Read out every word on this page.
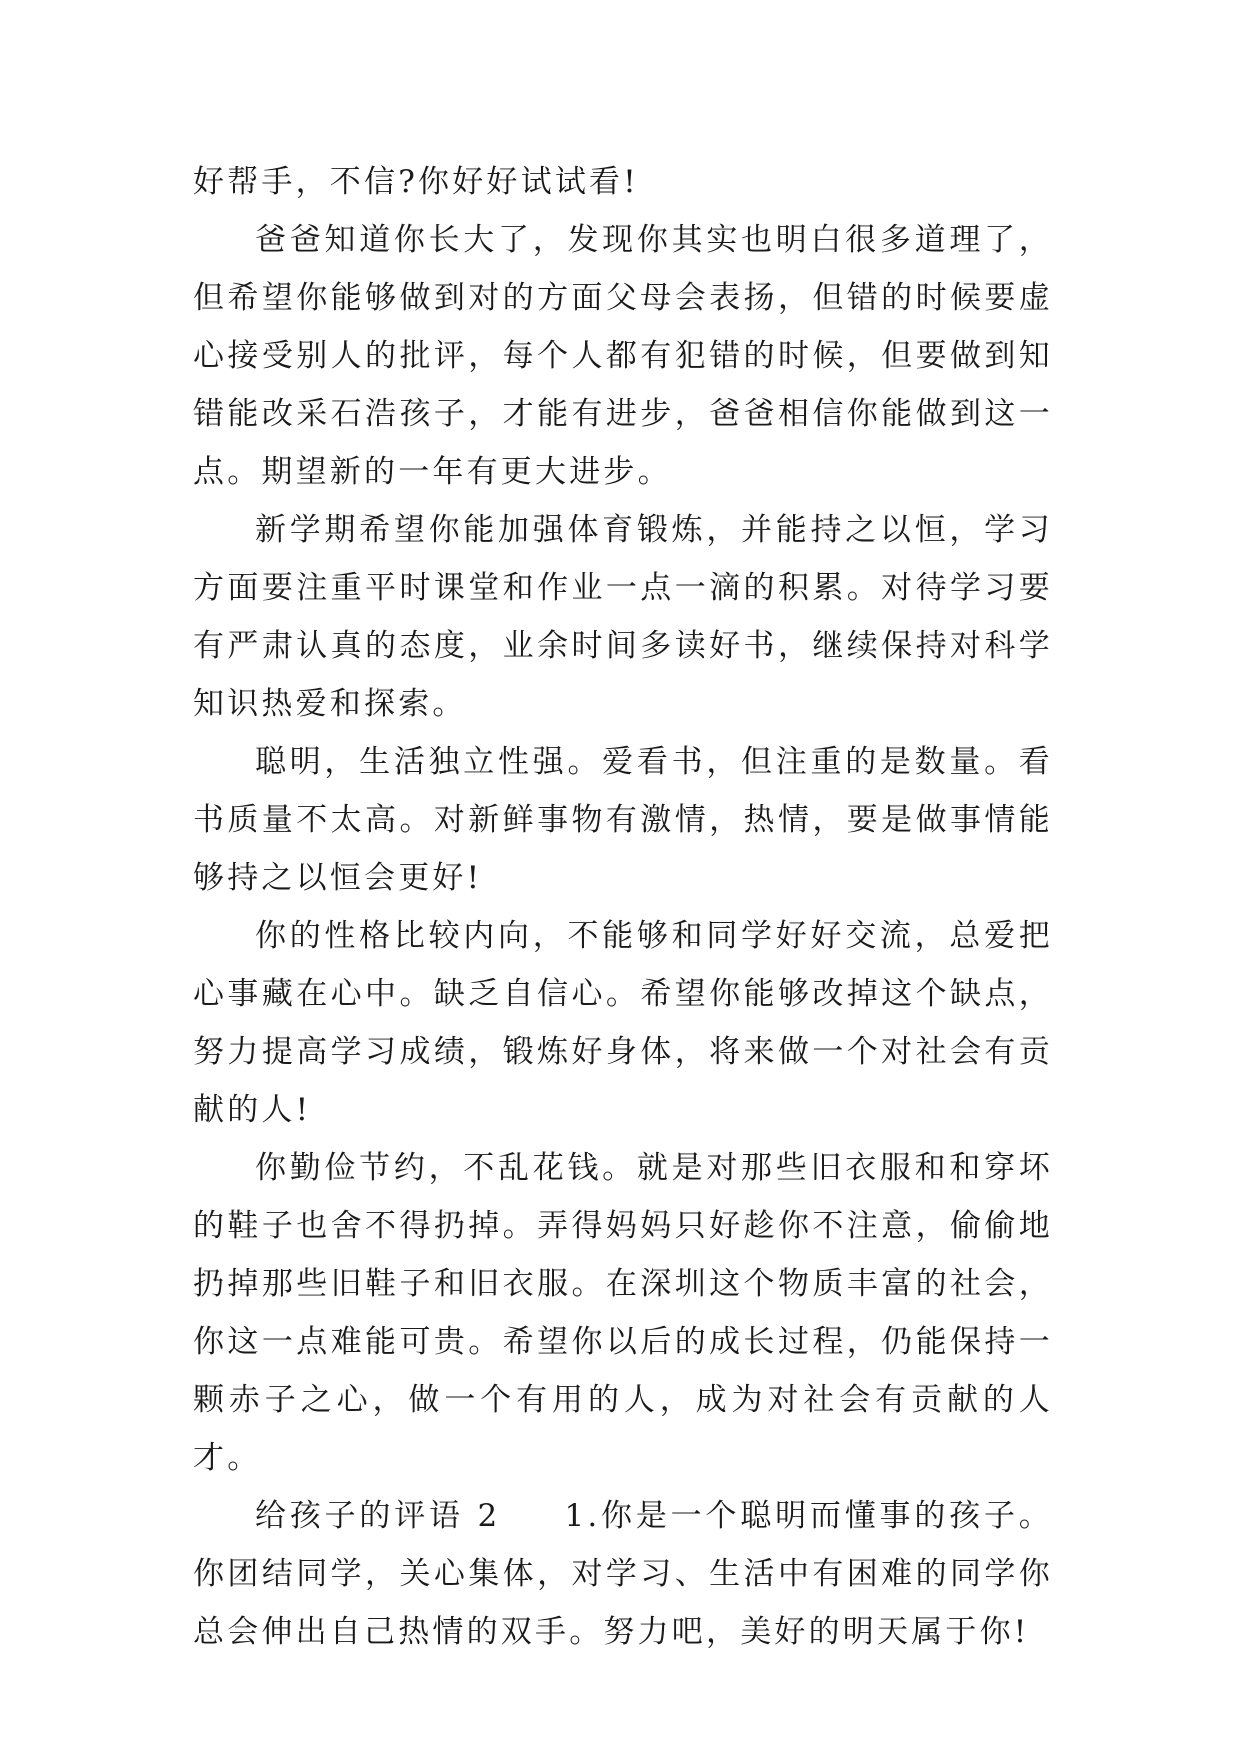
好帮手，不信?你好好试试看!

爸爸知道你长大了，发现你其实也明白很多道理了，但希望你能够做到对的方面父母会表扬，但错的时候要虚心接受别人的批评，每个人都有犯错的时候，但要做到知错能改采石浩孩子，才能有进步，爸爸相信你能做到这一点。期望新的一年有更大进步。

新学期希望你能加强体育锻炼，并能持之以恒，学习方面要注重平时课堂和作业一点一滴的积累。对待学习要有严肃认真的态度，业余时间多读好书，继续保持对科学知识热爱和探索。

聪明，生活独立性强。爱看书，但注重的是数量。看书质量不太高。对新鲜事物有激情，热情，要是做事情能够持之以恒会更好!

你的性格比较内向，不能够和同学好好交流，总爱把心事藏在心中。缺乏自信心。希望你能够改掉这个缺点，努力提高学习成绩，锻炼好身体，将来做一个对社会有贡献的人!

你勤俭节约，不乱花钱。就是对那些旧衣服和和穿坏的鞋子也舍不得扔掉。弄得妈妈只好趁你不注意，偷偷地扔掉那些旧鞋子和旧衣服。在深圳这个物质丰富的社会，你这一点难能可贵。希望你以后的成长过程，仍能保持一颗赤子之心，做一个有用的人，成为对社会有贡献的人才。

给孩子的评语 2 1.你是一个聪明而懂事的孩子。你团结同学，关心集体，对学习、生活中有困难的同学你总会伸出自己热情的双手。努力吧，美好的明天属于你!
